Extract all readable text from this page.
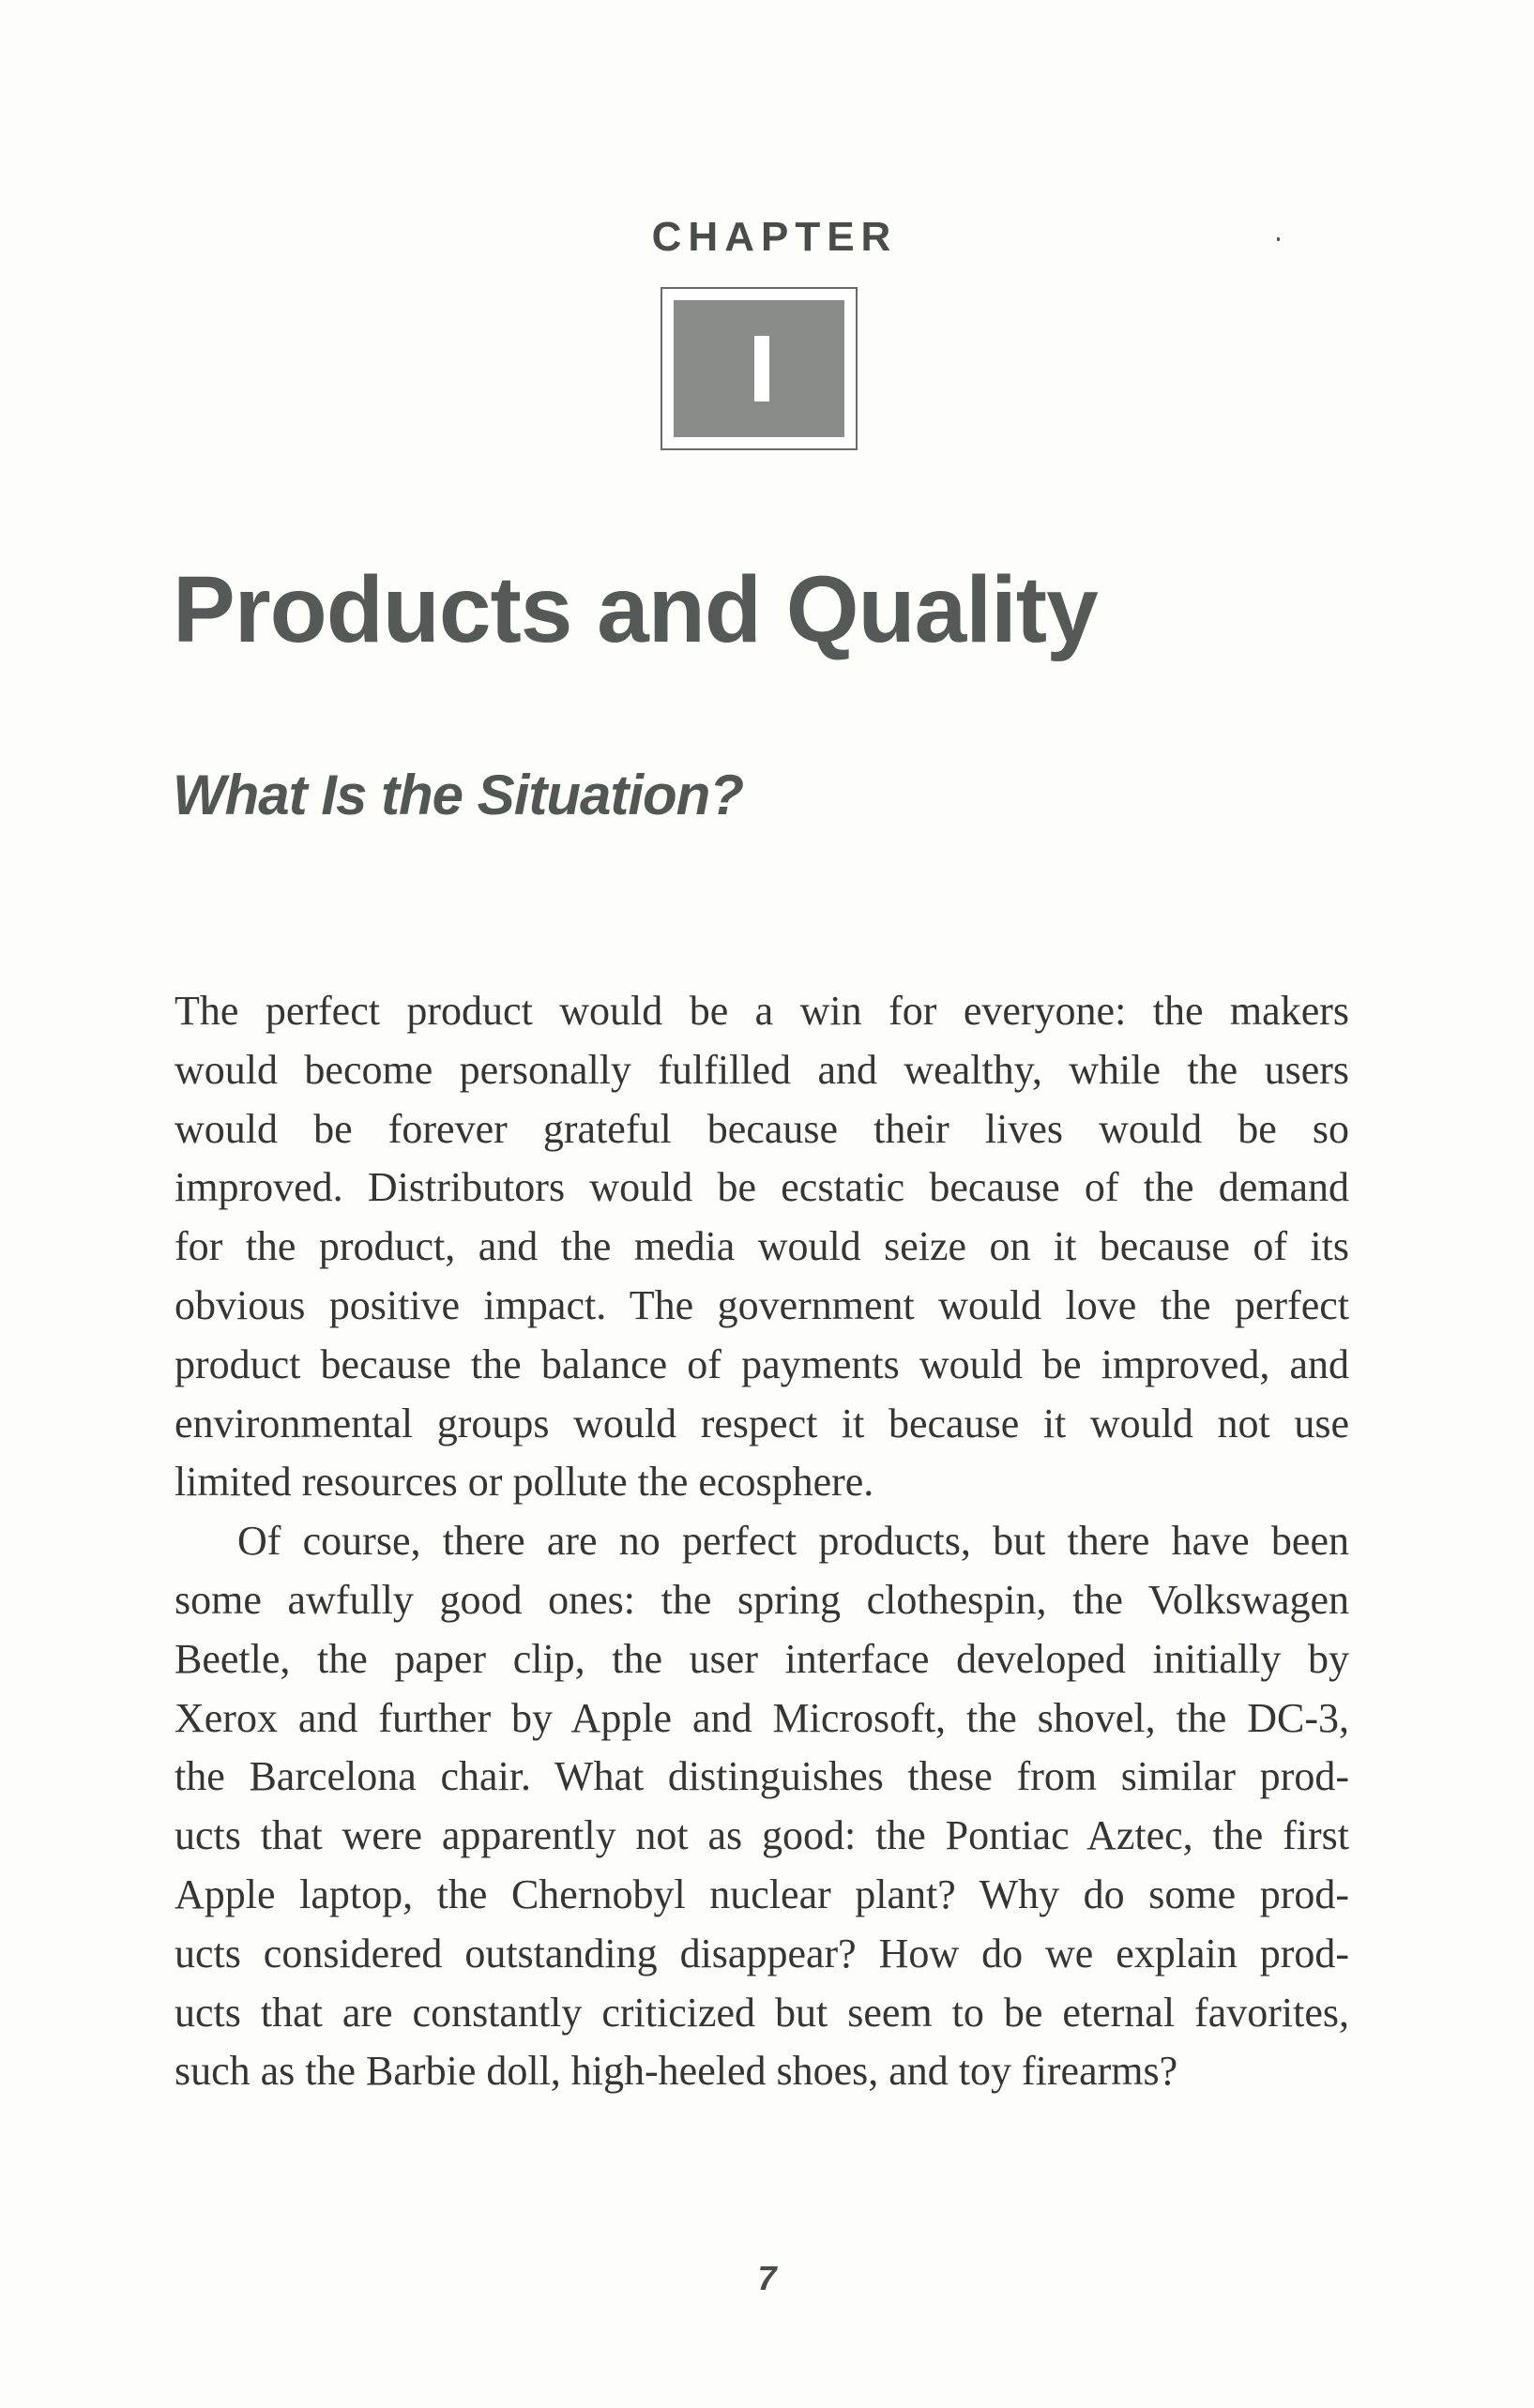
CHAPTER
Products and Quality
What Is the Situation?
The perfect product would be a win for everyone: the makers
would become personally fulfilled and wealthy, while the users
would be forever grateful because their lives would be so
improved. Distributors would be ecstatic because of the demand
for the product, and the media would seize on it because of its
obvious positive impact. The government would love the perfect
product because the balance of payments would be improved, and
environmental groups would respect it because it would not use
limited resources or pollute the ecosphere.
Of course, there are no perfect products, but there have been
some awfully good ones: the spring clothespin, the Volkswagen
Beetle, the paper clip, the user interface developed initially by
Xerox and further by Apple and Microsoft, the shovel, the DC-3,
the Barcelona chair. What distinguishes these from similar prod-
ucts that were apparently not as good: the Pontiac Aztec, the first
Apple laptop, the Chernobyl nuclear plant? Why do some prod-
ucts considered outstanding disappear? How do we explain prod-
ucts that are constantly criticized but seem to be eternal favorites,
such as the Barbie doll, high-heeled shoes, and toy firearms?
7
